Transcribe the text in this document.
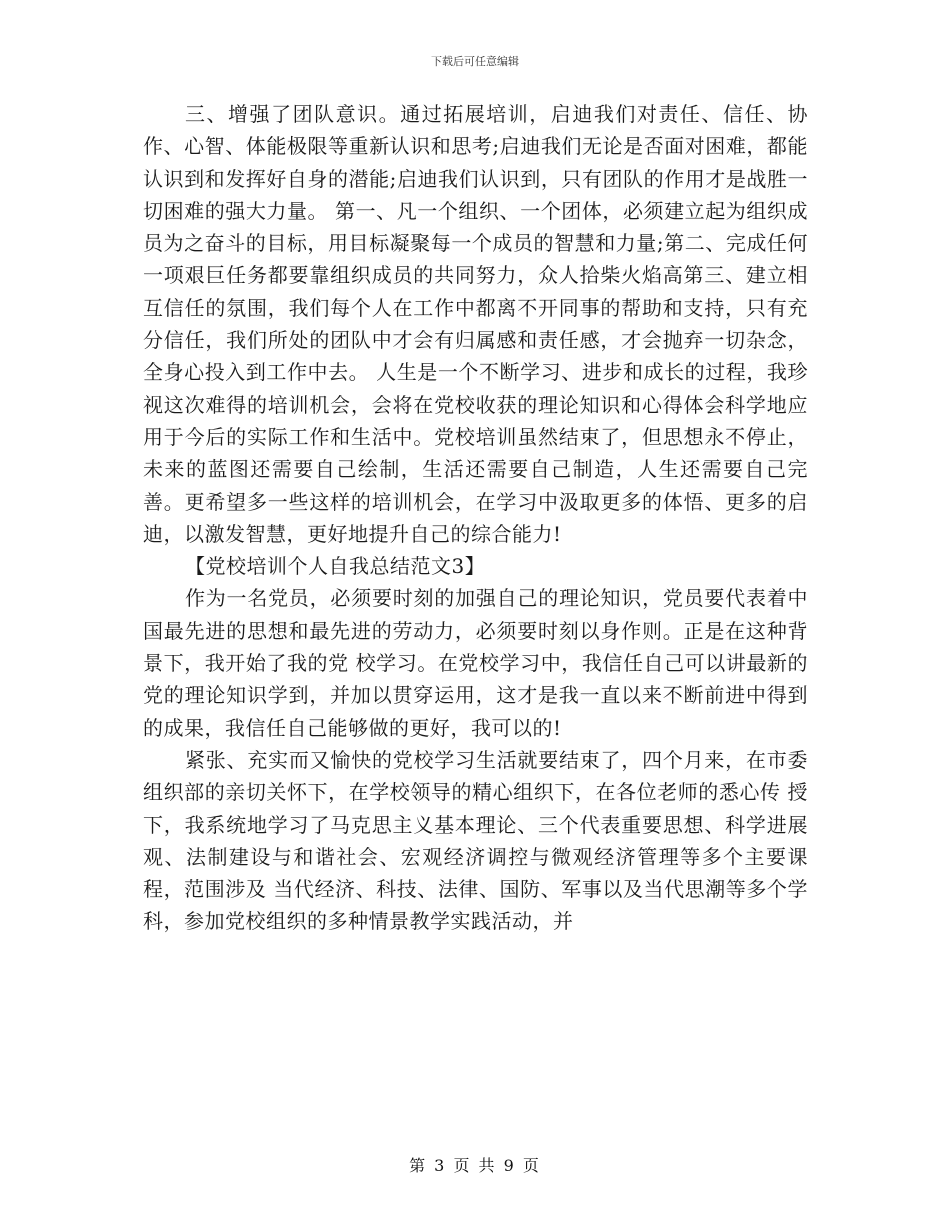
下载后可任意编辑

三、增强了团队意识。通过拓展培训，启迪我们对责任、信任、协作、心智、体能极限等重新认识和思考;启迪我们无论是否面对困难，都能认识到和发挥好自身的潜能;启迪我们认识到，只有团队的作用才是战胜一切困难的强大力量。 第一、凡一个组织、一个团体，必须建立起为组织成员为之奋斗的目标，用目标凝聚每一个成员的智慧和力量;第二、完成任何一项艰巨任务都要靠组织成员的共同努力，众人拾柴火焰高第三、建立相互信任的氛围，我们每个人在工作中都离不开同事的帮助和支持，只有充分信任，我们所处的团队中才会有归属感和责任感，才会抛弃一切杂念，全身心投入到工作中去。 人生是一个不断学习、进步和成长的过程，我珍视这次难得的培训机会，会将在党校收获的理论知识和心得体会科学地应用于今后的实际工作和生活中。党校培训虽然结束了，但思想永不停止，未来的蓝图还需要自己绘制，生活还需要自己制造，人生还需要自己完善。更希望多一些这样的培训机会，在学习中汲取更多的体悟、更多的启迪，以激发智慧，更好地提升自己的综合能力!

【党校培训个人自我总结范文3】

作为一名党员，必须要时刻的加强自己的理论知识，党员要代表着中国最先进的思想和最先进的劳动力，必须要时刻以身作则。正是在这种背景下，我开始了我的党 校学习。在党校学习中，我信任自己可以讲最新的党的理论知识学到，并加以贯穿运用，这才是我一直以来不断前进中得到的成果，我信任自己能够做的更好，我可以的!

紧张、充实而又愉快的党校学习生活就要结束了，四个月来，在市委组织部的亲切关怀下，在学校领导的精心组织下，在各位老师的悉心传 授下，我系统地学习了马克思主义基本理论、三个代表重要思想、科学进展观、法制建设与和谐社会、宏观经济调控与微观经济管理等多个主要课程，范围涉及 当代经济、科技、法律、国防、军事以及当代思潮等多个学科，参加党校组织的多种情景教学实践活动，并

第 3 页 共 9 页
